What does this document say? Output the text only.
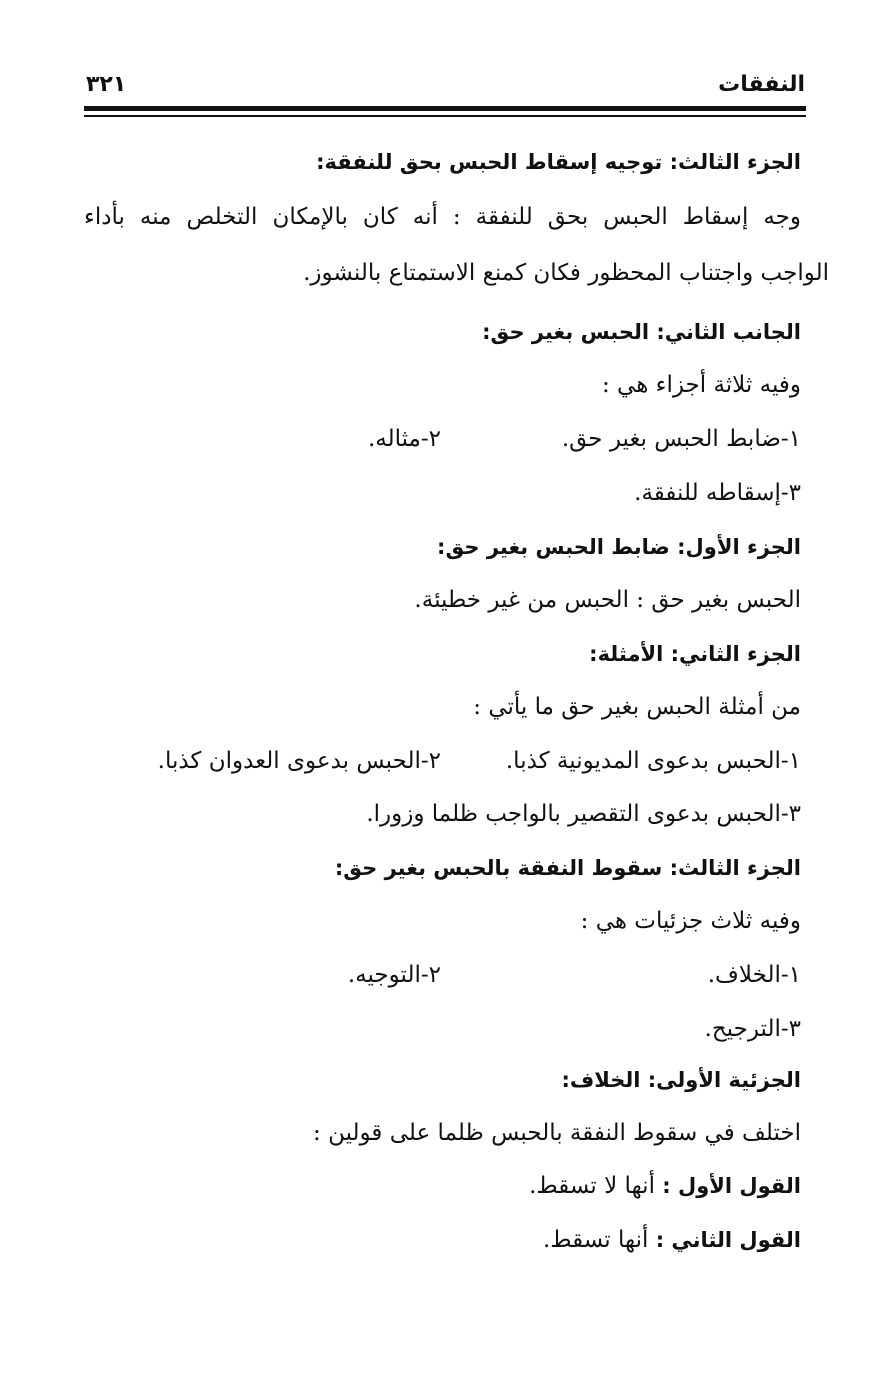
النفقات
٣٢١
الجزء الثالث: توجيه إسقاط الحبس بحق للنفقة:
وجه إسقاط الحبس بحق للنفقة : أنه كان بالإمكان التخلص منه بأداء
الواجب واجتناب المحظور فكان كمنع الاستمتاع بالنشوز.
الجانب الثاني: الحبس بغير حق:
وفيه ثلاثة أجزاء هي :
١-ضابط الحبس بغير حق.
٢-مثاله.
٣-إسقاطه للنفقة.
الجزء الأول: ضابط الحبس بغير حق:
الحبس بغير حق : الحبس من غير خطيئة.
الجزء الثاني: الأمثلة:
من أمثلة الحبس بغير حق ما يأتي :
١-الحبس بدعوى المديونية كذبا.
٢-الحبس بدعوى العدوان كذبا.
٣-الحبس بدعوى التقصير بالواجب ظلما وزورا.
الجزء الثالث: سقوط النفقة بالحبس بغير حق:
وفيه ثلاث جزئيات هي :
١-الخلاف.
٢-التوجيه.
٣-الترجيح.
الجزئية الأولى: الخلاف:
اختلف في سقوط النفقة بالحبس ظلما على قولين :
القول الأول : أنها لا تسقط.
القول الثاني : أنها تسقط.
